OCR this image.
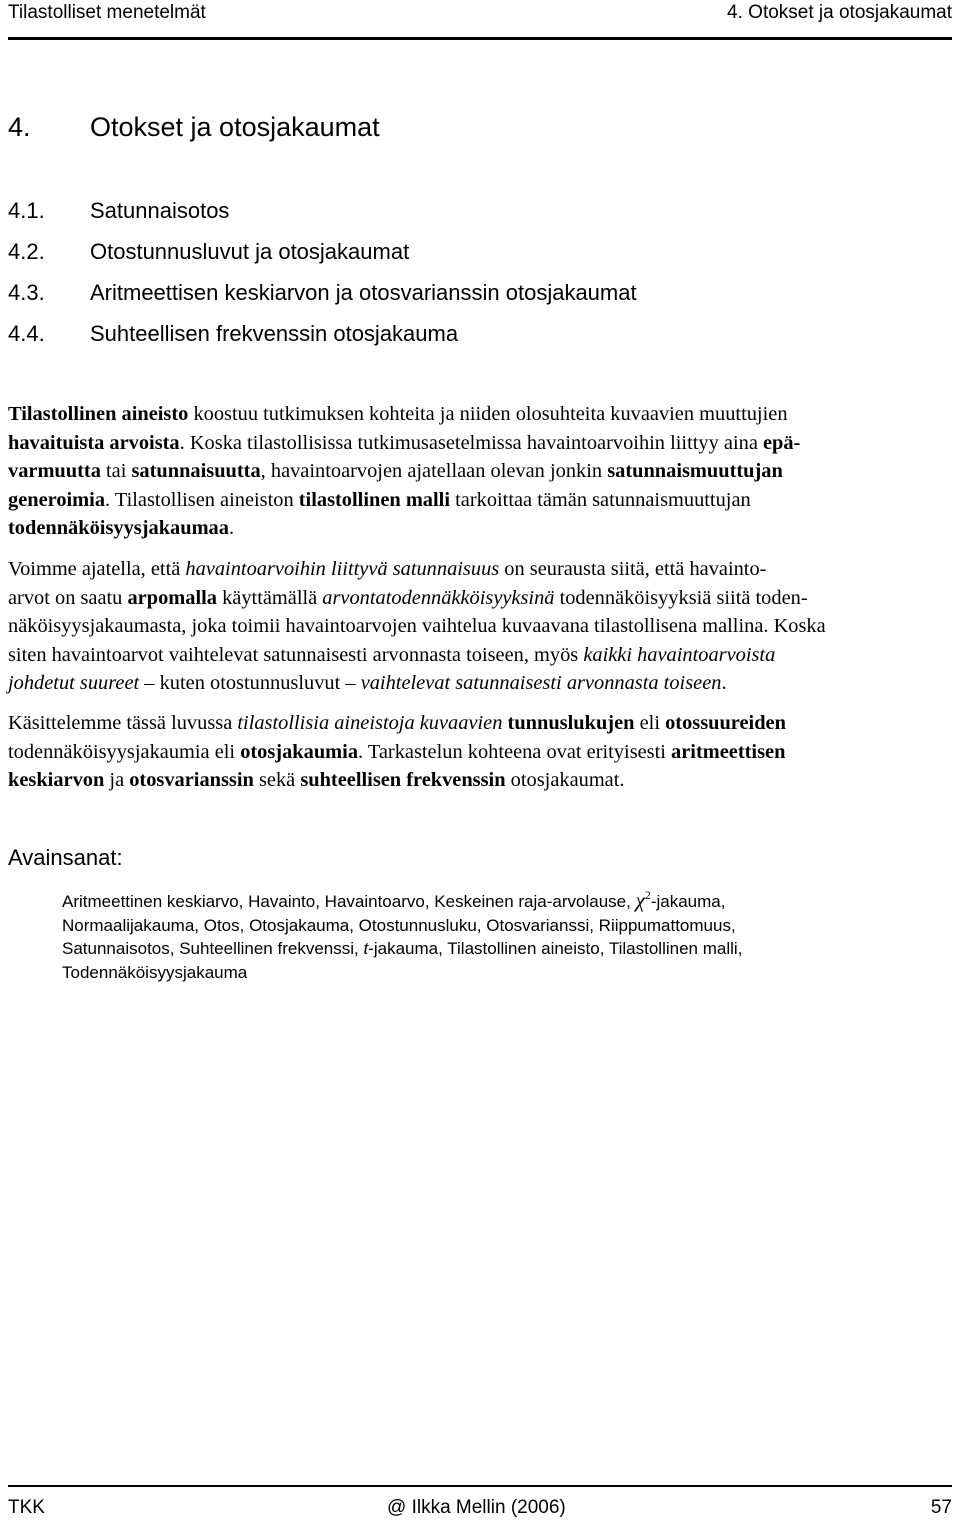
Tilastolliset menetelmät	4. Otokset ja otosjakaumat
4. Otokset ja otosjakaumat
4.1. Satunnaisotos
4.2. Otostunnusluvut ja otosjakaumat
4.3. Aritmeettisen keskiarvon ja otosvarianssin otosjakaumat
4.4. Suhteellisen frekvenssin otosjakauma
Tilastollinen aineisto koostuu tutkimuksen kohteita ja niiden olosuhteita kuvaavien muuttujien
havaituista arvoista. Koska tilastollisissa tutkimusasetelmissa havaintoarvoihin liittyy aina epä-
varmuutta tai satunnaisuutta, havaintoarvojen ajatellaan olevan jonkin satunnaismuuttujan
generoimia. Tilastollisen aineiston tilastollinen malli tarkoittaa tämän satunnaismuuttujan
todennäköisyysjakaumaa.
Voimme ajatella, että havaintoarvoihin liittyvä satunnaisuus on seurausta siitä, että havainto-
arvot on saatu arpomalla käyttämällä arvontatodennäkköisyyksinä todennäköisyyksiä siitä toden-
näköisyysjakaumasta, joka toimii havaintoarvojen vaihtelua kuvaavana tilastollisena mallina. Koska
siten havaintoarvot vaihtelevat satunnaisesti arvonnasta toiseen, myös kaikki havaintoarvoista
johdetut suureet – kuten otostunnusluvut – vaihtelevat satunnaisesti arvonnasta toiseen.
Käsittelemme tässä luvussa tilastollisia aineistoja kuvaavien tunnuslukujen eli otossuureiden
todennäköisyysjakaumia eli otosjakaumia. Tarkastelun kohteena ovat erityisesti aritmeettisen
keskiarvon ja otosvarianssin sekä suhteellisen frekvenssin otosjakaumat.
Avainsanat:
Aritmeettinen keskiarvo, Havainto, Havaintoarvo, Keskeinen raja-arvolause, $\chi^2$-jakauma,
Normaalijakauma, Otos, Otosjakauma, Otostunnusluku, Otosvarianssi, Riippumattomuus,
Satunnaisotos, Suhteellinen frekvenssi, t-jakauma, Tilastollinen aineisto, Tilastollinen malli,
Todennäköisyysjakauma
TKK	@ Ilkka Mellin (2006)	57
